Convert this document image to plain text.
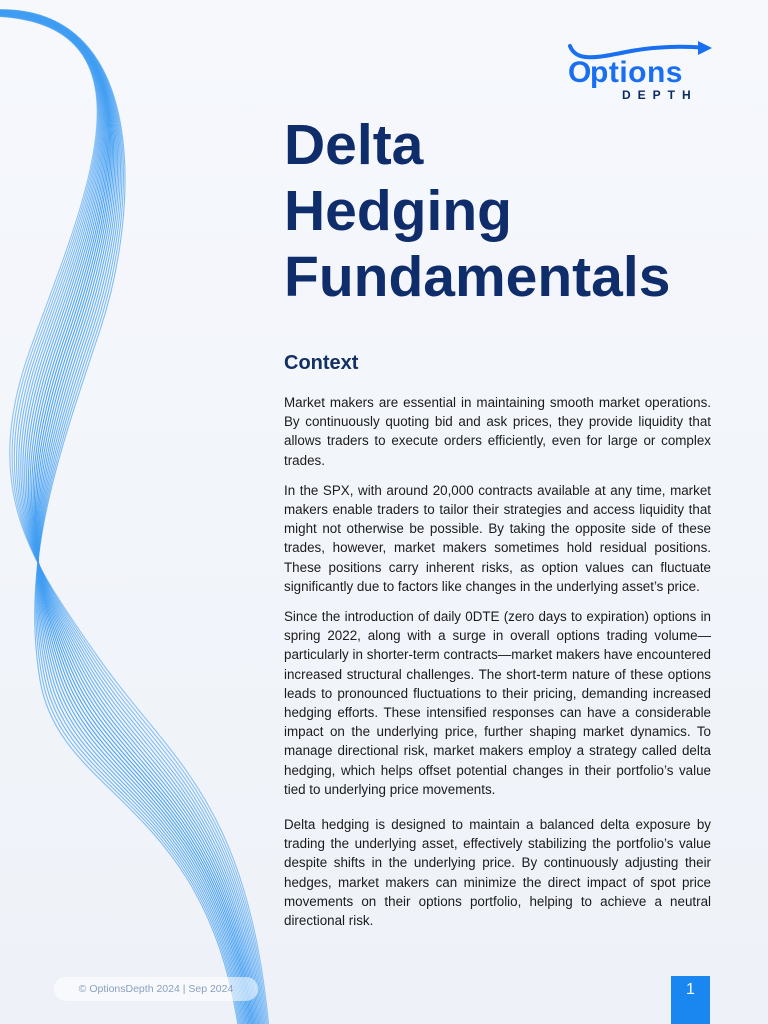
O
ptions
DEPTH
Delta
Hedging
Fundamentals
Context

Market makers are essential in maintaining smooth market operations. By continuously quoting bid and ask prices, they provide liquidity that allows traders to execute orders efficiently, even for large or complex trades.

In the SPX, with around 20,000 contracts available at any time, market makers enable traders to tailor their strategies and access liquidity that might not otherwise be possible. By taking the opposite side of these trades, however, market makers sometimes hold residual positions. These positions carry inherent risks, as option values can fluctuate significantly due to factors like changes in the underlying asset’s price.

Since the introduction of daily 0DTE (zero days to expiration) options in spring 2022, along with a surge in overall options trading volume—particularly in shorter-term contracts—market makers have encountered increased structural challenges. The short-term nature of these options leads to pronounced fluctuations to their pricing, demanding increased hedging efforts. These intensified responses can have a considerable impact on the underlying price, further shaping market dynamics. To manage directional risk, market makers employ a strategy called delta hedging, which helps offset potential changes in their portfolio’s value tied to underlying price movements.

Delta hedging is designed to maintain a balanced delta exposure by trading the underlying asset, effectively stabilizing the portfolio’s value despite shifts in the underlying price. By continuously adjusting their hedges, market makers can minimize the direct impact of spot price movements on their options portfolio, helping to achieve a neutral directional risk.

© OptionsDepth 2024 | Sep 2024	1
